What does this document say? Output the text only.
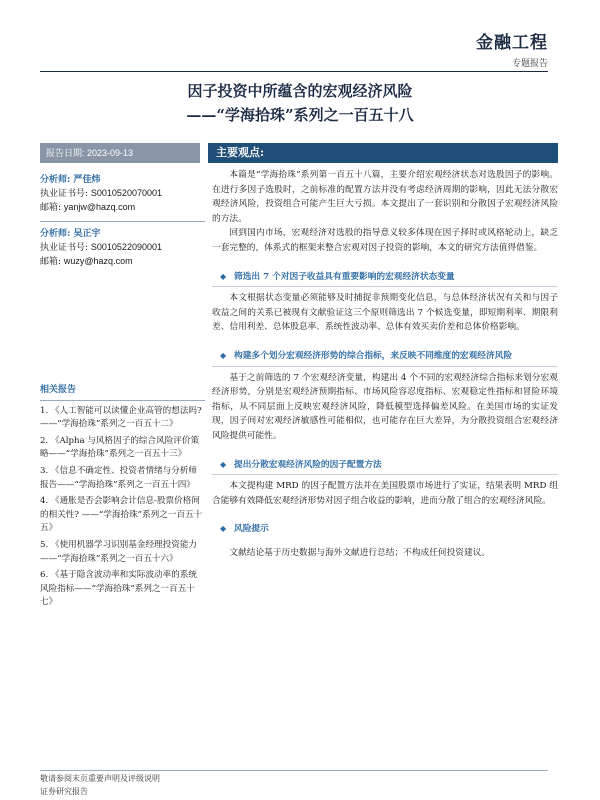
金融工程
专题报告
因子投资中所蕴含的宏观经济风险
——“学海拾珠”系列之一百五十八
报告日期: 2023-09-13	主要观点:
分析师: 严佳炜
执业证书号: S0010520070001
邮箱: yanjw@hazq.com
分析师: 吴正宇
执业证书号: S0010522090001
邮箱: wuzy@hazq.com
相关报告
1. 《人工智能可以读懂企业高管的想法吗? ——“学海拾珠”系列之一百五十二》
2. 《Alpha 与风格因子的综合风险评价策略——“学海拾珠”系列之一百五十三》
3. 《信息不确定性、投资者情绪与分析师报告——“学海拾珠”系列之一百五十四》
4. 《通胀是否会影响会计信息-股票价格间的相关性? ——“学海拾珠”系列之一百五十五》
5. 《使用机器学习识别基金经理投资能力——“学海拾珠”系列之一百五十六》
6. 《基于隐含波动率和实际波动率的系统风险指标——“学海拾珠”系列之一百五十七》

本篇是“学海拾珠”系列第一百五十八篇，主要介绍宏观经济状态对选股因子的影响。在进行多因子选股时，之前标准的配置方法并没有考虑经济周期的影响，因此无法分散宏观经济风险，投资组合可能产生巨大亏损。本文提出了一套识别和分散因子宏观经济风险的方法。

回到国内市场，宏观经济对选股的指导意义较多体现在因子择时或风格轮动上，缺乏一套完整的，体系式的框架来整合宏观对因子投资的影响，本文的研究方法值得借鉴。

◆ 筛选出 7 个对因子收益具有重要影响的宏观经济状态变量

本文根据状态变量必须能够及时捕捉非预期变化信息，与总体经济状况有关和与因子收益之间的关系已被现有文献验证这三个原则筛选出 7 个候选变量，即短期利率、期限利差、信用利差、总体股息率、系统性波动率、总体有效买卖价差和总体价格影响。

◆ 构建多个划分宏观经济形势的综合指标，来反映不同维度的宏观经济风险

基于之前筛选的 7 个宏观经济变量，构建出 4 个不同的宏观经济综合指标来划分宏观经济形势，分别是宏观经济预期指标、市场风险容忍度指标、宏观稳定性指标和冒险环境指标，从不同层面上反映宏观经济风险，降低模型选择偏差风险。在美国市场的实证发现，因子间对宏观经济敏感性可能相似，也可能存在巨大差异，为分散投资组合宏观经济风险提供可能性。

◆ 提出分散宏观经济风险的因子配置方法

本文提构建 MRD 的因子配置方法并在美国股票市场进行了实证，结果表明 MRD 组合能够有效降低宏观经济形势对因子组合收益的影响，进而分散了组合的宏观经济风险。

◆ 风险提示

文献结论基于历史数据与海外文献进行总结；不构成任何投资建议。

敬请参阅末页重要声明及评级说明
证券研究报告
